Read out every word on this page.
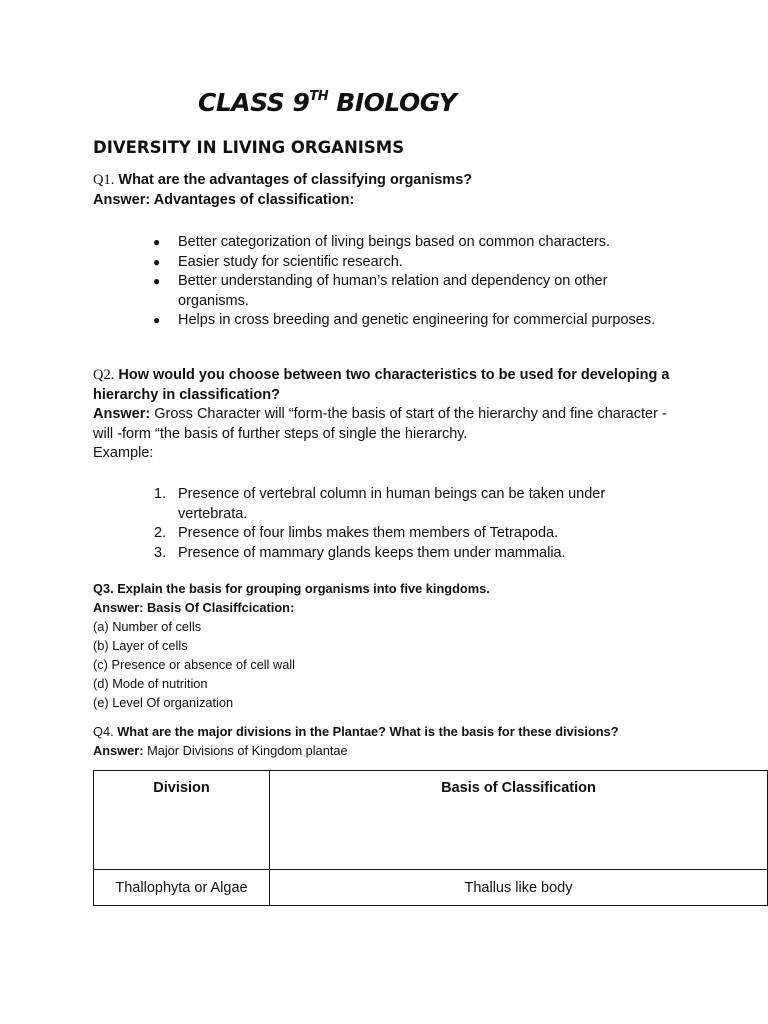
CLASS 9TH BIOLOGY
DIVERSITY IN LIVING ORGANISMS
Q1. What are the advantages of classifying organisms?
Answer: Advantages of classification:
● Better categorization of living beings based on common characters.
● Easier study for scientific research.
● Better understanding of human’s relation and dependency on other organisms.
● Helps in cross breeding and genetic engineering for commercial purposes.
Q2. How would you choose between two characteristics to be used for developing a hierarchy in classification?
Answer: Gross Character will “form-the basis of start of the hierarchy and fine character -will -form “the basis of further steps of single the hierarchy.
Example:
1. Presence of vertebral column in human beings can be taken under vertebrata.
2. Presence of four limbs makes them members of Tetrapoda.
3. Presence of mammary glands keeps them under mammalia.
Q3. Explain the basis for grouping organisms into five kingdoms.
Answer: Basis Of Clasiffcication:
(a) Number of cells
(b) Layer of cells
(c) Presence or absence of cell wall
(d) Mode of nutrition
(e) Level Of organization
Q4. What are the major divisions in the Plantae? What is the basis for these divisions?
Answer: Major Divisions of Kingdom plantae
Division	Basis of Classification
Thallophyta or Algae	Thallus like body
